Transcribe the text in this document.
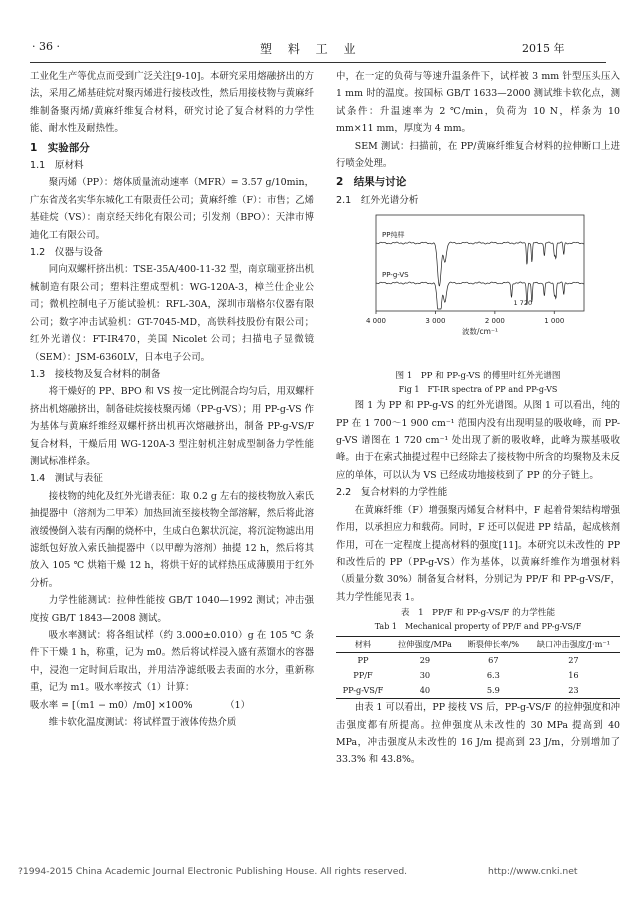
· 36 ·	塑 料 工 业	2015 年

工业化生产等优点而受到广泛关注[9-10]。本研究采用熔融挤出的方法，采用乙烯基硅烷对聚丙烯进行接枝改性，然后用接枝物与黄麻纤维制备聚丙烯/黄麻纤维复合材料，研究讨论了复合材料的力学性能、耐水性及耐热性。

1　实验部分
1.1　原材料

聚丙烯（PP）：熔体质量流动速率（MFR）= 3.57 g/10min，广东省茂名实华东城化工有限责任公司；黄麻纤维（F）：市售；乙烯基硅烷（VS）：南京经天纬化有限公司；引发剂（BPO）：天津市博迪化工有限公司。

1.2　仪器与设备

同向双螺杆挤出机：TSE-35A/400-11-32 型，南京瑞亚挤出机械制造有限公司；塑料注塑成型机：WG-120A-3，樟兰仕企业公司；微机控制电子万能试验机：RFL-30A，深圳市瑞格尔仪器有限公司；数字冲击试验机：GT-7045-MD，高铁科技股份有限公司；红外光谱仪：FT-IR470，美国 Nicolet 公司；扫描电子显微镜（SEM）：JSM-6360LV，日本电子公司。

1.3　接枝物及复合材料的制备

将干燥好的 PP、BPO 和 VS 按一定比例混合均匀后，用双螺杆挤出机熔融挤出，制备硅烷接枝聚丙烯（PP-g-VS）；用 PP-g-VS 作为基体与黄麻纤维经双螺杆挤出机再次熔融挤出，制备 PP-g-VS/F 复合材料，干燥后用 WG-120A-3 型注射机注射成型制备力学性能测试标准样条。

1.4　测试与表征

接枝物的纯化及红外光谱表征：取 0.2 g 左右的接枝物放入索氏抽提器中（溶剂为二甲苯）加热回流至接枝物全部溶解，然后将此溶液缓慢倒入装有丙酮的烧杯中，生成白色絮状沉淀，将沉淀物滤出用滤纸包好放入索氏抽提器中（以甲醇为溶剂）抽提 12 h，然后将其放入 105 ℃ 烘箱干燥 12 h，将烘干好的试样热压成薄膜用于红外分析。

力学性能测试：拉伸性能按 GB/T 1040—1992 测试；冲击强度按 GB/T 1843—2008 测试。

吸水率测试：将各组试样（约 3.000±0.010）g 在 105 ℃ 条件下干燥 1 h，称重，记为 m0。然后将试样浸入盛有蒸馏水的容器中，浸泡一定时间后取出，并用洁净滤纸吸去表面的水分，重新称重，记为 m1。吸水率按式（1）计算：

吸水率 = [（m1 − m0）/m0] ×100%　　　　（1）

维卡软化温度测试：将试样置于液体传热介质

中，在一定的负荷与等速升温条件下，试样被 3 mm 针型压头压入 1 mm 时的温度。按国标 GB/T 1633—2000 测试维卡软化点，测试条件：升温速率为 2 ℃/min，负荷为 10 N，样条为 10 mm×11 mm，厚度为 4 mm。

SEM 测试：扫描前，在 PP/黄麻纤维复合材料的拉伸断口上进行喷金处理。

2　结果与讨论
2.1　红外光谱分析
4 000	3 000	2 000	1 000
波数/cm⁻¹
PP纯样
PP-g-VS
1 720
图 1　PP 和 PP-g-VS 的傅里叶红外光谱图
Fig 1　FT-IR spectra of PP and PP-g-VS

图 1 为 PP 和 PP-g-VS 的红外光谱图。从图 1 可以看出，纯的 PP 在 1 700～1 900 cm⁻¹ 范围内没有出现明显的吸收峰，而 PP-g-VS 谱图在 1 720 cm⁻¹ 处出现了新的吸收峰，此峰为羰基吸收峰。由于在索式抽提过程中已经除去了接枝物中所含的均聚物及未反应的单体，可以认为 VS 已经成功地接枝到了 PP 的分子链上。

2.2　复合材料的力学性能

在黄麻纤维（F）增强聚丙烯复合材料中，F 起着骨架结构增强作用，以承担应力和载荷。同时，F 还可以促进 PP 结晶，起成核剂作用，可在一定程度上提高材料的强度[11]。本研究以未改性的 PP 和改性后的 PP（PP-g-VS）作为基体，以黄麻纤维作为增强材料（质量分数 30%）制备复合材料，分别记为 PP/F 和 PP-g-VS/F，其力学性能见表 1。

表　1　PP/F 和 PP-g-VS/F 的力学性能
Tab 1　Mechanical property of PP/F and PP-g-VS/F
材料	拉伸强度/MPa	断裂伸长率/%	缺口冲击强度/J·m⁻¹
PP	29	67	27
PP/F	30	6.3	16
PP-g-VS/F	40	5.9	23

由表 1 可以看出，PP 接枝 VS 后，PP-g-VS/F 的拉伸强度和冲击强度都有所提高。拉伸强度从未改性的 30 MPa 提高到 40 MPa，冲击强度从未改性的 16 J/m 提高到 23 J/m，分别增加了 33.3% 和 43.8%。

?1994-2015 China Academic Journal Electronic Publishing House. All rights reserved.	http://www.cnki.net
